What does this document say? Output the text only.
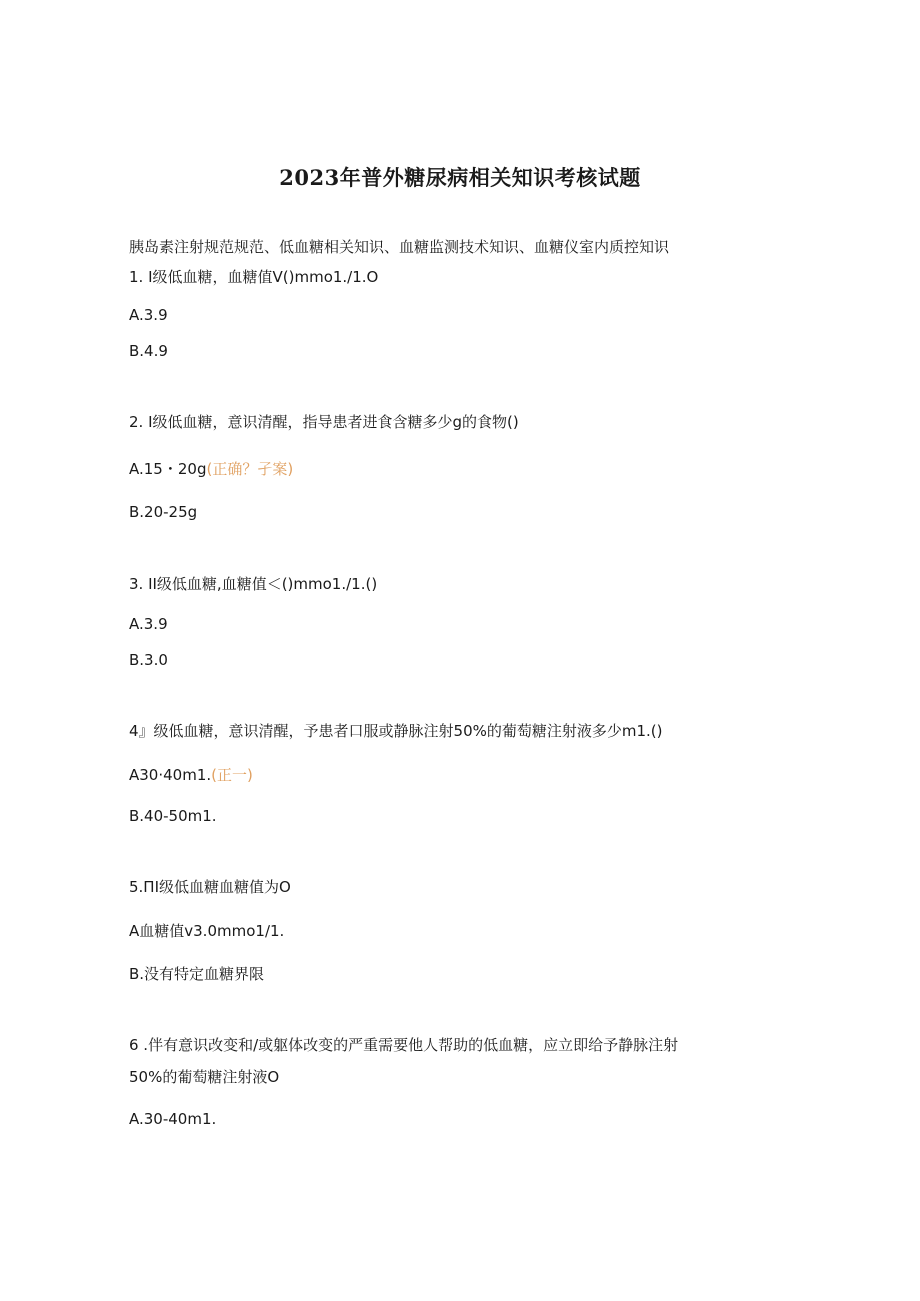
2023年普外糖尿病相关知识考核试题
胰岛素注射规范规范、低血糖相关知识、血糖监测技术知识、血糖仪室内质控知识
1. I级低血糖，血糖值V()mmo1./1.O
A.3.9
B.4.9
2. I级低血糖，意识清醒，指导患者进食含糖多少g的食物()
A.15・20g(正确？孑案)
B.20-25g
3. II级低血糖,血糖值＜()mmo1./1.()
A.3.9
B.3.0
4』级低血糖，意识清醒，予患者口服或静脉注射50%的葡萄糖注射液多少m1.()
A30·40m1.(正一)
B.40-50m1.
5.ΠI级低血糖血糖值为O
A血糖值v3.0mmo1∕1.
B.没有特定血糖界限
6 .伴有意识改变和/或躯体改变的严重需要他人帮助的低血糖，应立即给予静脉注射
50%的葡萄糖注射液O
A.30-40m1.
